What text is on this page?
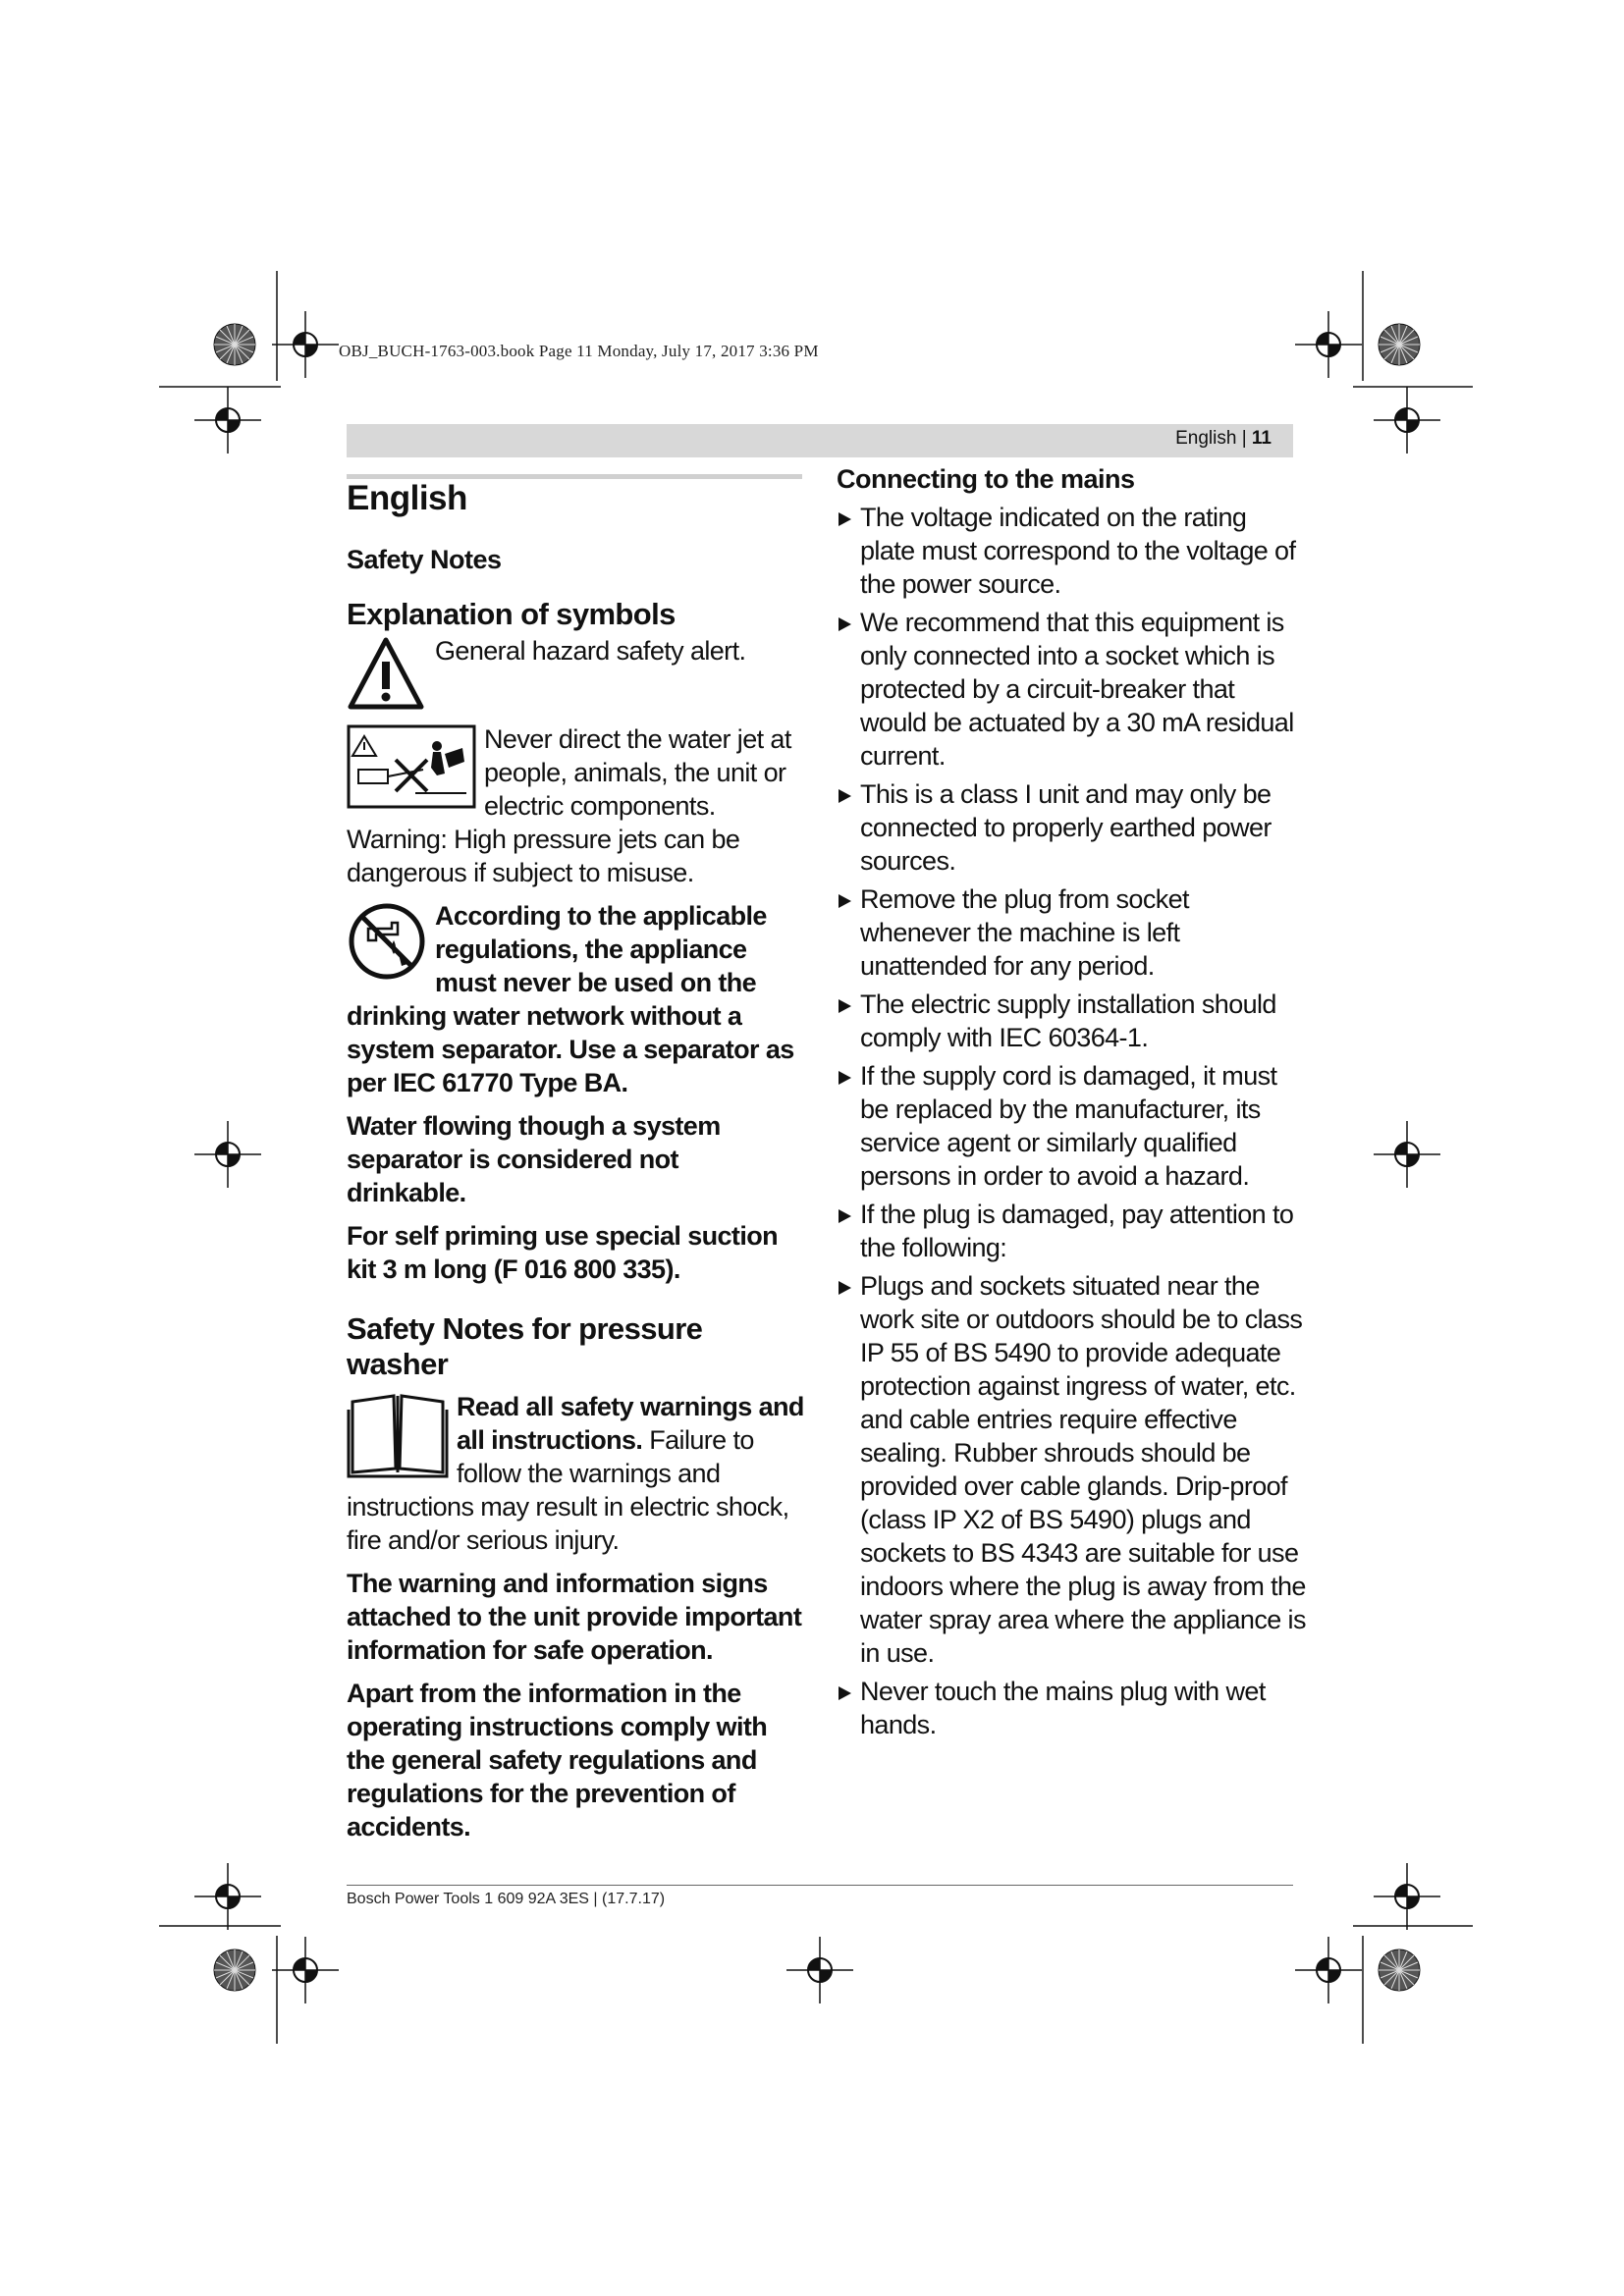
OBJ_BUCH-1763-003.book Page 11 Monday, July 17, 2017 3:36 PM
English | 11
English
Safety Notes
Explanation of symbols

General hazard safety alert.

Never direct the water jet at people, animals, the unit or electric components.

Warning: High pressure jets can be dangerous if subject to misuse.

According to the applicable regulations, the appliance must never be used on the drinking water network without a system separator. Use a separator as per IEC 61770 Type BA.

Water flowing though a system separator is considered not drinkable.

For self priming use special suction kit 3 m long (F 016 800 335).

Safety Notes for pressure washer

Read all safety warnings and all instructions. Failure to follow the warnings and instructions may result in electric shock, fire and/or serious injury.

The warning and information signs attached to the unit provide important information for safe operation.

Apart from the information in the operating instructions comply with the general safety regulations and regulations for the prevention of accidents.

Connecting to the mains
The voltage indicated on the rating plate must correspond to the voltage of the power source.
We recommend that this equipment is only connected into a socket which is protected by a circuit-breaker that would be actuated by a 30 mA residual current.
This is a class I unit and may only be connected to properly earthed power sources.
Remove the plug from socket whenever the machine is left unattended for any period.
The electric supply installation should comply with IEC 60364-1.
If the supply cord is damaged, it must be replaced by the manufacturer, its service agent or similarly qualified persons in order to avoid a hazard.
If the plug is damaged, pay attention to the following:
Plugs and sockets situated near the work site or outdoors should be to class IP 55 of BS 5490 to provide adequate protection against ingress of water, etc. and cable entries require effective sealing. Rubber shrouds should be provided over cable glands. Drip-proof (class IP X2 of BS 5490) plugs and sockets to BS 4343 are suitable for use indoors where the plug is away from the water spray area where the appliance is in use.
Never touch the mains plug with wet hands.
Bosch Power Tools 1 609 92A 3ES | (17.7.17)
